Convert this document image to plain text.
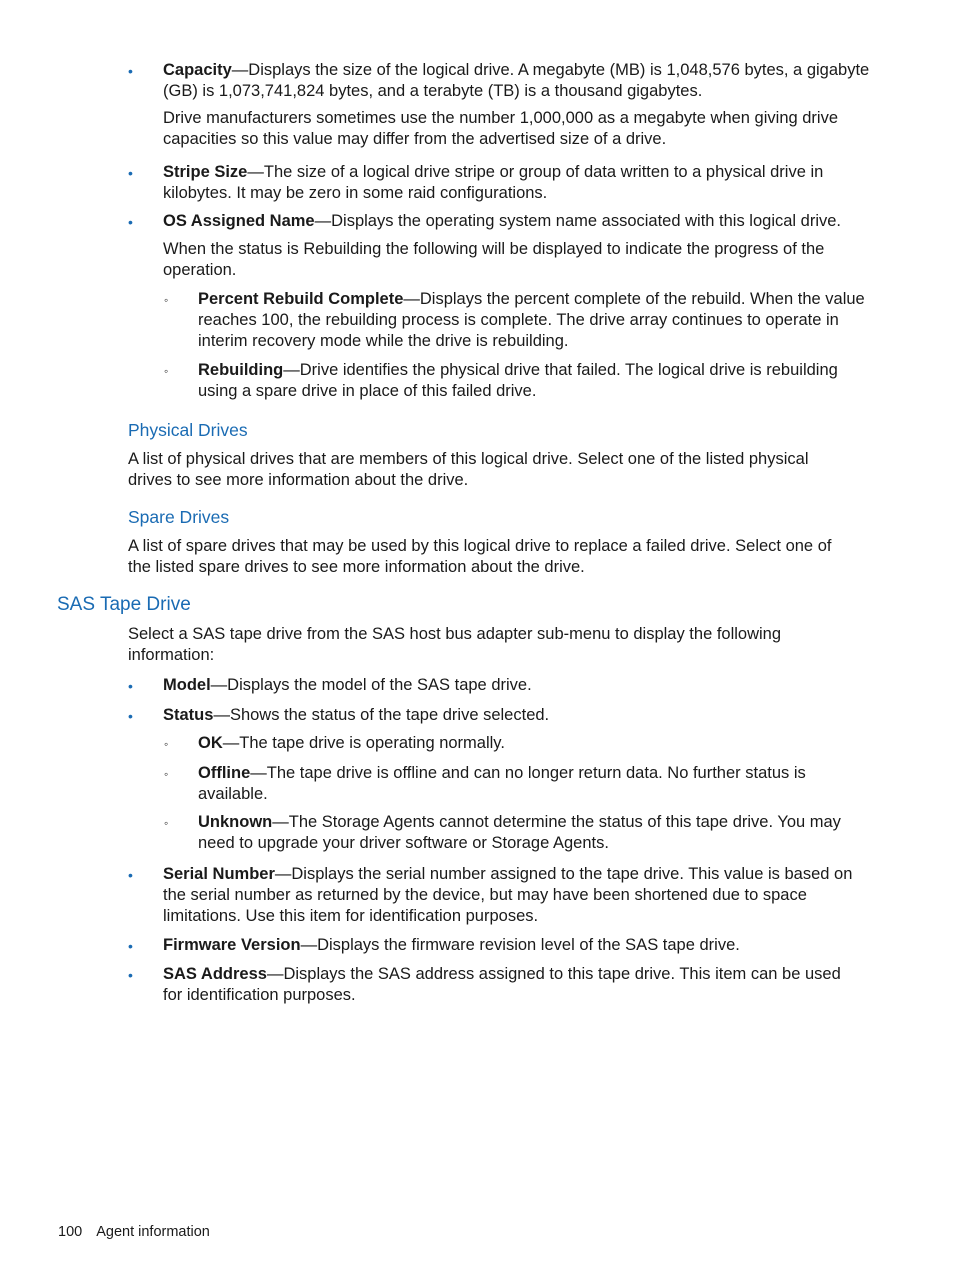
• Capacity—Displays the size of the logical drive. A megabyte (MB) is 1,048,576 bytes, a gigabyte (GB) is 1,073,741,824 bytes, and a terabyte (TB) is a thousand gigabytes.
Drive manufacturers sometimes use the number 1,000,000 as a megabyte when giving drive capacities so this value may differ from the advertised size of a drive.
• Stripe Size—The size of a logical drive stripe or group of data written to a physical drive in kilobytes. It may be zero in some raid configurations.
• OS Assigned Name—Displays the operating system name associated with this logical drive.
When the status is Rebuilding the following will be displayed to indicate the progress of the operation.
◦ Percent Rebuild Complete—Displays the percent complete of the rebuild. When the value reaches 100, the rebuilding process is complete. The drive array continues to operate in interim recovery mode while the drive is rebuilding.
◦ Rebuilding—Drive identifies the physical drive that failed. The logical drive is rebuilding using a spare drive in place of this failed drive.
Physical Drives
A list of physical drives that are members of this logical drive. Select one of the listed physical drives to see more information about the drive.
Spare Drives
A list of spare drives that may be used by this logical drive to replace a failed drive. Select one of the listed spare drives to see more information about the drive.
SAS Tape Drive
Select a SAS tape drive from the SAS host bus adapter sub-menu to display the following information:
• Model—Displays the model of the SAS tape drive.
• Status—Shows the status of the tape drive selected.
◦ OK—The tape drive is operating normally.
◦ Offline—The tape drive is offline and can no longer return data. No further status is available.
◦ Unknown—The Storage Agents cannot determine the status of this tape drive. You may need to upgrade your driver software or Storage Agents.
• Serial Number—Displays the serial number assigned to the tape drive. This value is based on the serial number as returned by the device, but may have been shortened due to space limitations. Use this item for identification purposes.
• Firmware Version—Displays the firmware revision level of the SAS tape drive.
• SAS Address—Displays the SAS address assigned to this tape drive. This item can be used for identification purposes.
100 Agent information
